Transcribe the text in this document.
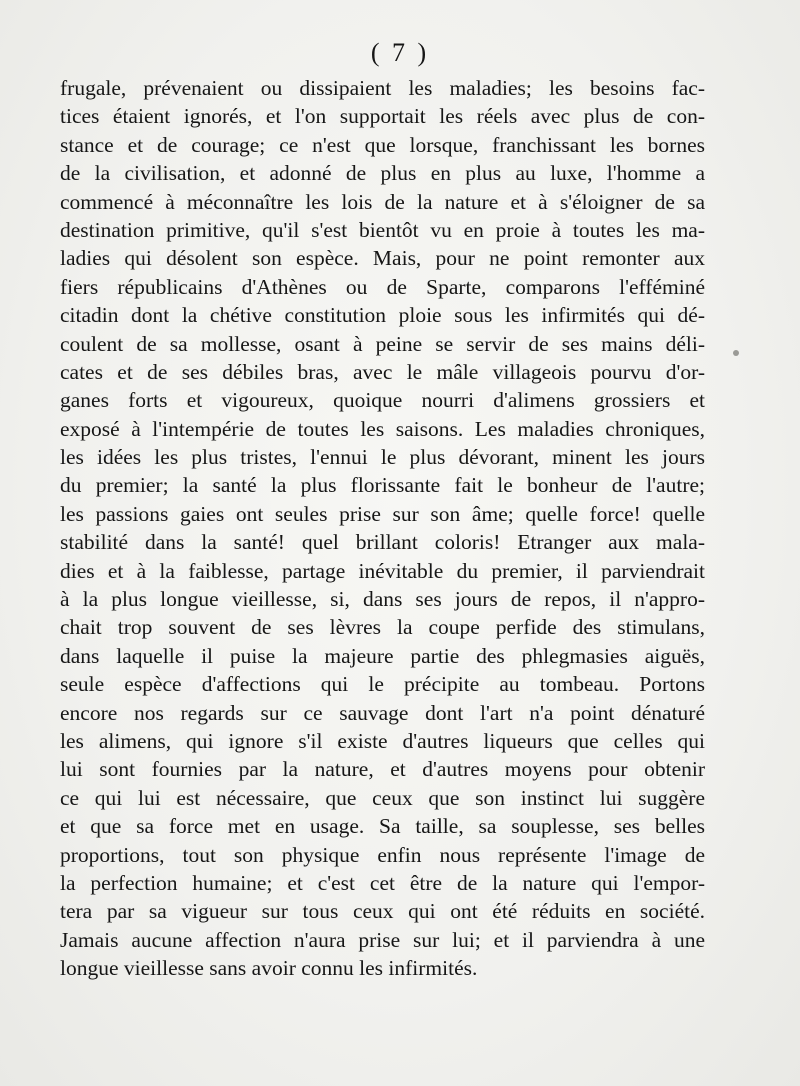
( 7 )
frugale, prévenaient ou dissipaient les maladies; les besoins fac-
tices étaient ignorés, et l'on supportait les réels avec plus de con-
stance et de courage; ce n'est que lorsque, franchissant les bornes
de la civilisation, et adonné de plus en plus au luxe, l'homme a
commencé à méconnaître les lois de la nature et à s'éloigner de sa
destination primitive, qu'il s'est bientôt vu en proie à toutes les ma-
ladies qui désolent son espèce. Mais, pour ne point remonter aux
fiers républicains d'Athènes ou de Sparte, comparons l'efféminé
citadin dont la chétive constitution ploie sous les infirmités qui dé-
coulent de sa mollesse, osant à peine se servir de ses mains déli-
cates et de ses débiles bras, avec le mâle villageois pourvu d'or-
ganes forts et vigoureux, quoique nourri d'alimens grossiers et
exposé à l'intempérie de toutes les saisons. Les maladies chroniques,
les idées les plus tristes, l'ennui le plus dévorant, minent les jours
du premier; la santé la plus florissante fait le bonheur de l'autre;
les passions gaies ont seules prise sur son âme; quelle force! quelle
stabilité dans la santé! quel brillant coloris! Etranger aux mala-
dies et à la faiblesse, partage inévitable du premier, il parviendrait
à la plus longue vieillesse, si, dans ses jours de repos, il n'appro-
chait trop souvent de ses lèvres la coupe perfide des stimulans,
dans laquelle il puise la majeure partie des phlegmasies aiguës,
seule espèce d'affections qui le précipite au tombeau. Portons
encore nos regards sur ce sauvage dont l'art n'a point dénaturé
les alimens, qui ignore s'il existe d'autres liqueurs que celles qui
lui sont fournies par la nature, et d'autres moyens pour obtenir
ce qui lui est nécessaire, que ceux que son instinct lui suggère
et que sa force met en usage. Sa taille, sa souplesse, ses belles
proportions, tout son physique enfin nous représente l'image de
la perfection humaine; et c'est cet être de la nature qui l'empor-
tera par sa vigueur sur tous ceux qui ont été réduits en société.
Jamais aucune affection n'aura prise sur lui; et il parviendra à une
longue vieillesse sans avoir connu les infirmités.
